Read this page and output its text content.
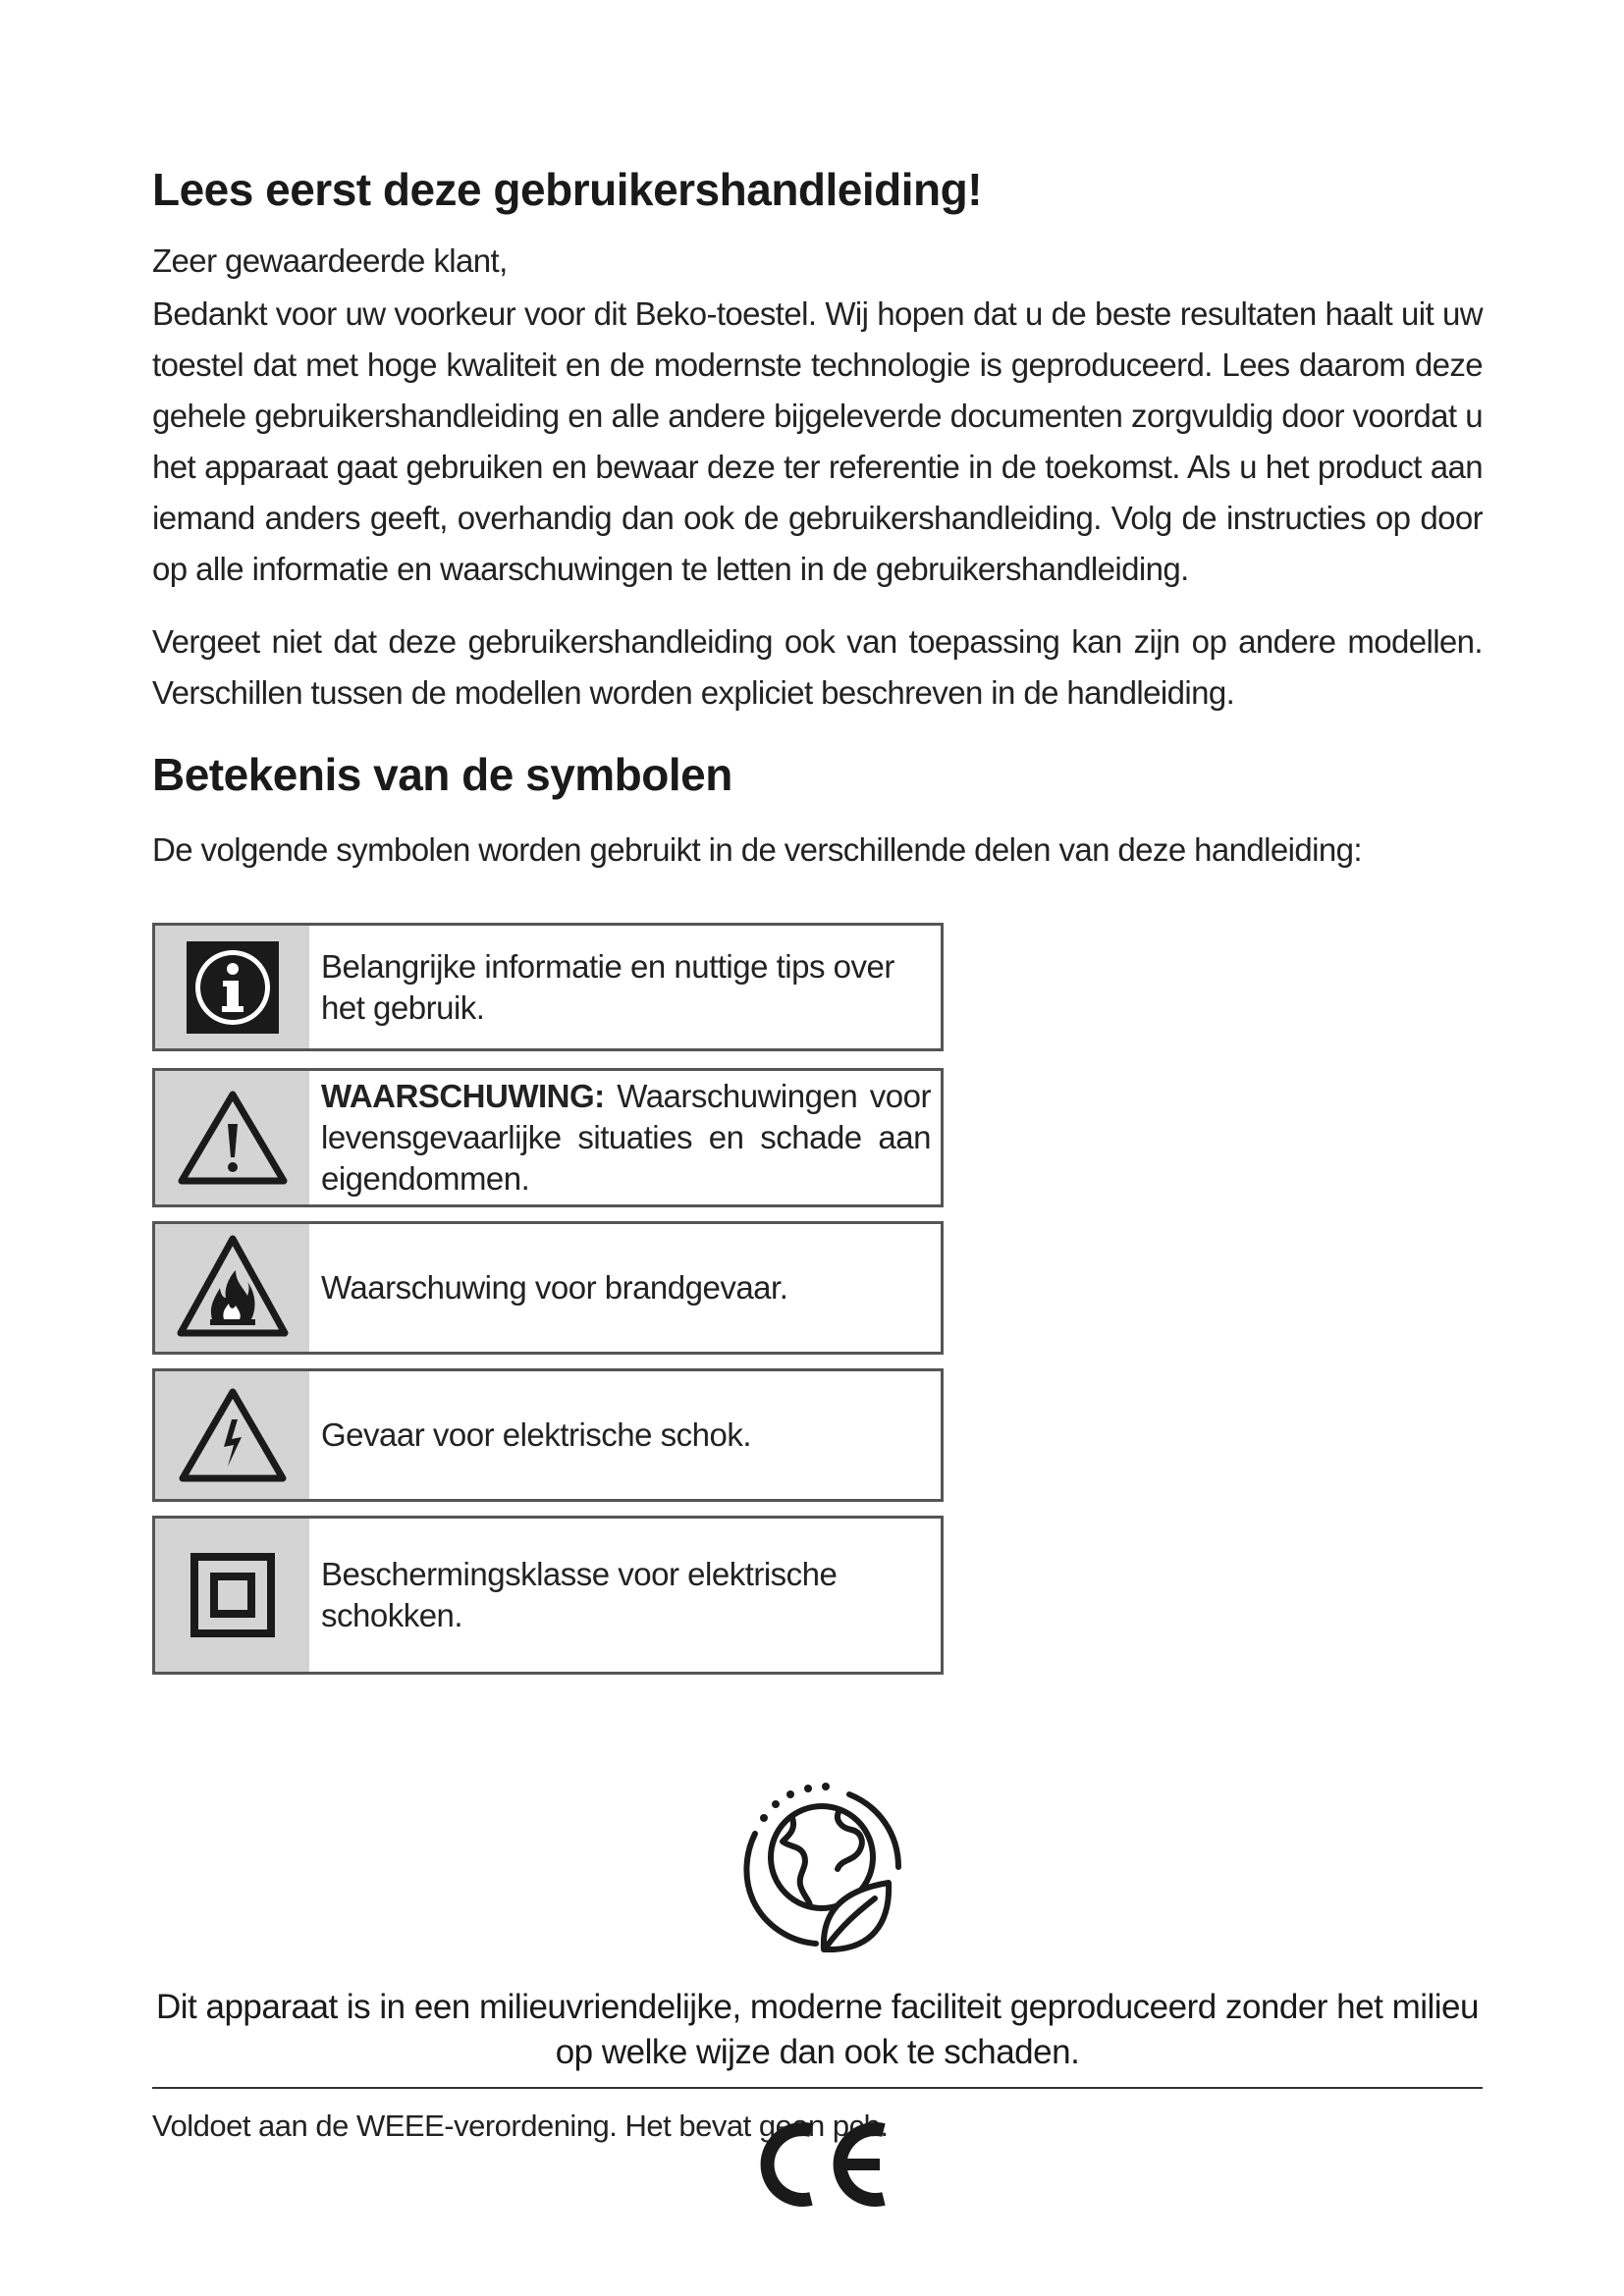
Lees eerst deze gebruikershandleiding!

Zeer gewaardeerde klant,

Bedankt voor uw voorkeur voor dit Beko-toestel. Wij hopen dat u de beste resultaten haalt uit uw toestel dat met hoge kwaliteit en de modernste technologie is geproduceerd. Lees daarom deze gehele gebruikershandleiding en alle andere bijgeleverde documenten zorgvuldig door voordat u het apparaat gaat gebruiken en bewaar deze ter referentie in de toekomst. Als u het product aan iemand anders geeft, overhandig dan ook de gebruikershandleiding. Volg de instructies op door op alle informatie en waarschuwingen te letten in de gebruikershandleiding.

Vergeet niet dat deze gebruikershandleiding ook van toepassing kan zijn op andere modellen. Verschillen tussen de modellen worden expliciet beschreven in de handleiding.

Betekenis van de symbolen

De volgende symbolen worden gebruikt in de verschillende delen van deze handleiding:

Belangrijke informatie en nuttige tips over het gebruik.
WAARSCHUWING: Waarschuwingen voor levensgevaarlijke situaties en schade aan eigendommen.
Waarschuwing voor brandgevaar.
Gevaar voor elektrische schok.
Beschermingsklasse voor elektrische schokken.

Dit apparaat is in een milieuvriendelijke, moderne faciliteit geproduceerd zonder het milieu op welke wijze dan ook te schaden.

Voldoet aan de WEEE-verordening. Het bevat geen pcb.
